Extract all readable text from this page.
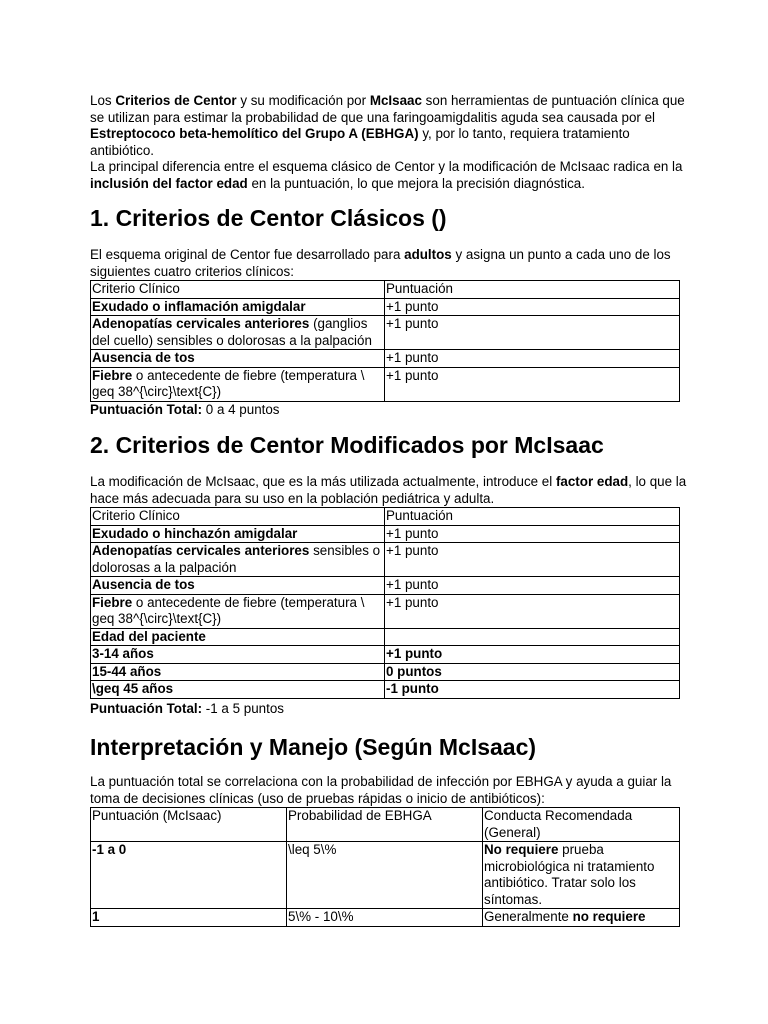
Los Criterios de Centor y su modificación por McIsaac son herramientas de puntuación clínica que se utilizan para estimar la probabilidad de que una faringoamigdalitis aguda sea causada por el Estreptococo beta-hemolítico del Grupo A (EBHGA) y, por lo tanto, requiera tratamiento antibiótico.

La principal diferencia entre el esquema clásico de Centor y la modificación de McIsaac radica en la inclusión del factor edad en la puntuación, lo que mejora la precisión diagnóstica.

1. Criterios de Centor Clásicos ()

El esquema original de Centor fue desarrollado para adultos y asigna un punto a cada uno de los siguientes cuatro criterios clínicos:

Criterio Clínico	Puntuación
Exudado o inflamación amigdalar	+1 punto
Adenopatías cervicales anteriores (ganglios del cuello) sensibles o dolorosas a la palpación	+1 punto
Ausencia de tos	+1 punto
Fiebre o antecedente de fiebre (temperatura \ geq 38^{\circ}\text{C})	+1 punto
Puntuación Total: 0 a 4 puntos
2. Criterios de Centor Modificados por McIsaac

La modificación de McIsaac, que es la más utilizada actualmente, introduce el factor edad, lo que la hace más adecuada para su uso en la población pediátrica y adulta.

Criterio Clínico	Puntuación
Exudado o hinchazón amigdalar	+1 punto
Adenopatías cervicales anteriores sensibles o dolorosas a la palpación	+1 punto
Ausencia de tos	+1 punto
Fiebre o antecedente de fiebre (temperatura \ geq 38^{\circ}\text{C})	+1 punto
Edad del paciente	
3-14 años	+1 punto
15-44 años	0 puntos
\geq 45 años	-1 punto
Puntuación Total: -1 a 5 puntos
Interpretación y Manejo (Según McIsaac)

La puntuación total se correlaciona con la probabilidad de infección por EBHGA y ayuda a guiar la toma de decisiones clínicas (uso de pruebas rápidas o inicio de antibióticos):

Puntuación (McIsaac)	Probabilidad de EBHGA	Conducta Recomendada (General)
-1 a 0	\leq 5\%	No requiere prueba microbiológica ni tratamiento antibiótico. Tratar solo los síntomas.
1	5\% - 10\%	Generalmente no requiere
